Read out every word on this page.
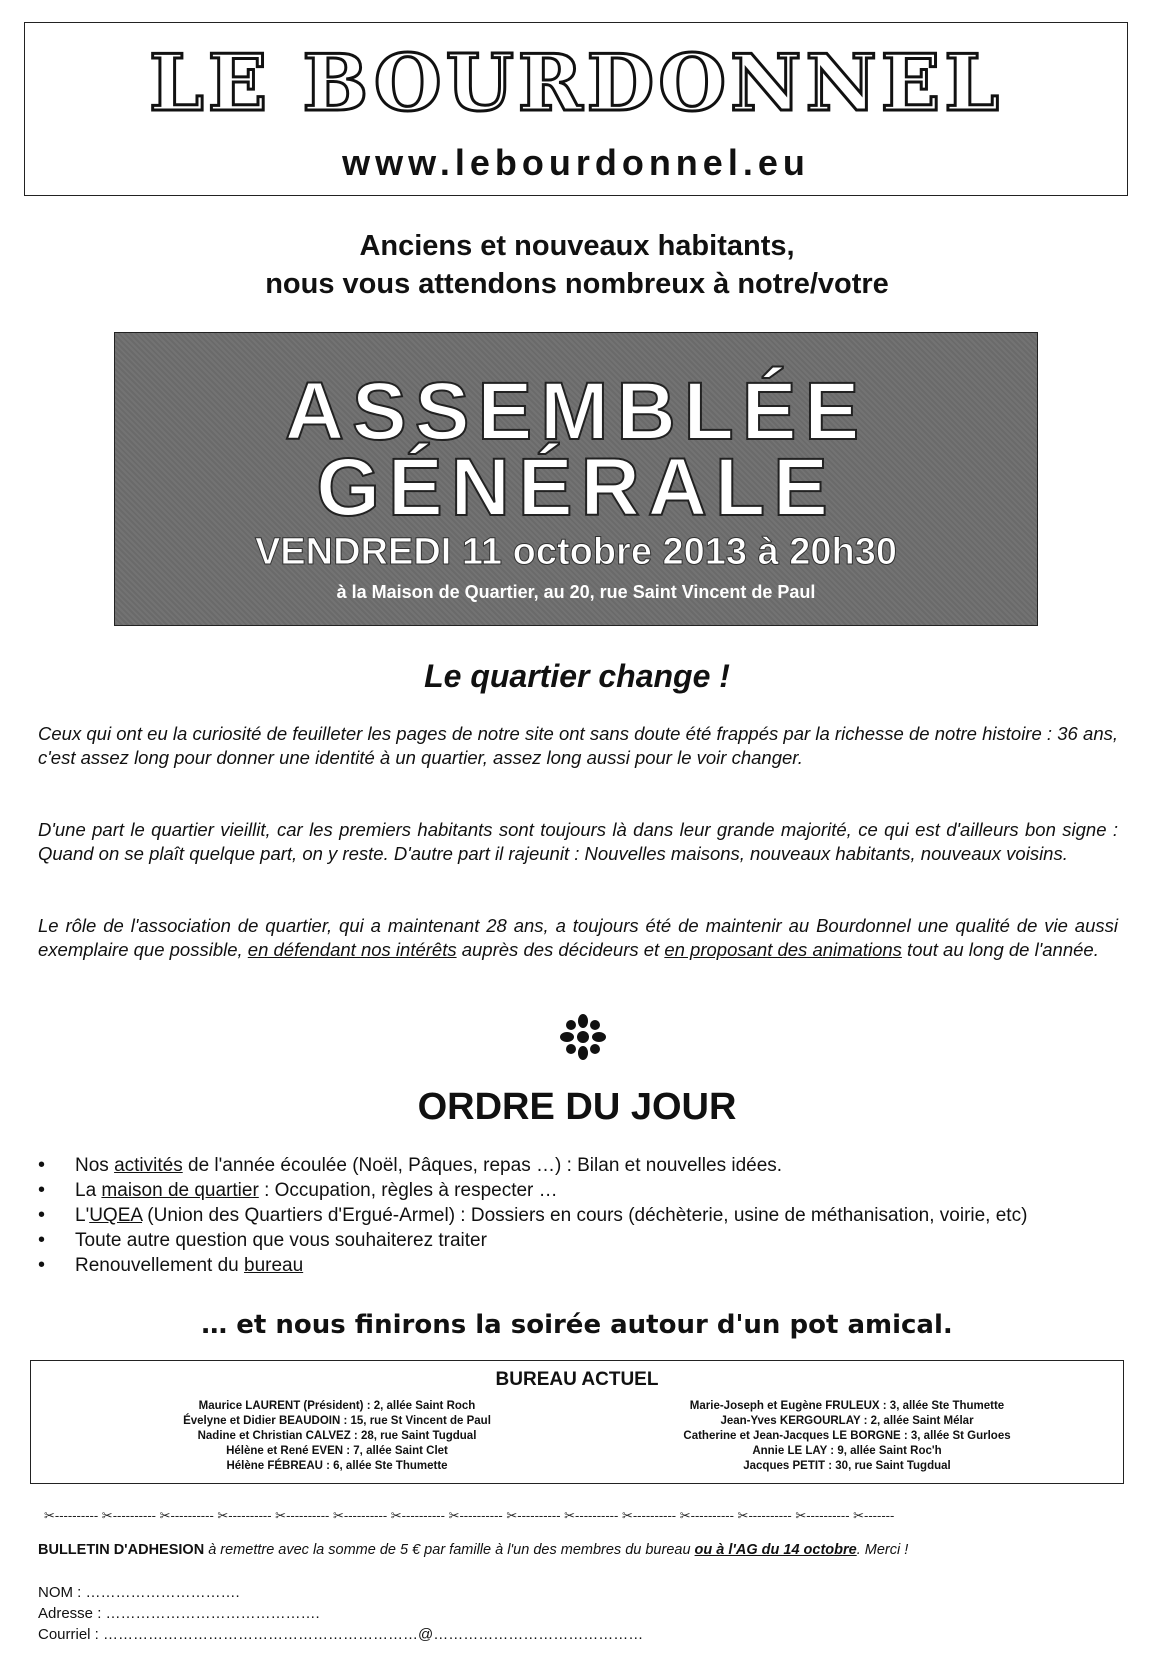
LE BOURDONNEL
www.lebourdonnel.eu
Anciens et nouveaux habitants,
nous vous attendons nombreux à notre/votre
ASSEMBLÉE
GÉNÉRALE
VENDREDI 11 octobre 2013 à 20h30
à la Maison de Quartier, au 20, rue Saint Vincent de Paul
Le quartier change !

Ceux qui ont eu la curiosité de feuilleter les pages de notre site ont sans doute été frappés par la richesse de notre histoire : 36 ans, c'est assez long pour donner une identité à un quartier, assez long aussi pour le voir changer.

D'une part le quartier vieillit, car les premiers habitants sont toujours là dans leur grande majorité, ce qui est d'ailleurs bon signe : Quand on se plaît quelque part, on y reste. D'autre part il rajeunit : Nouvelles maisons, nouveaux habitants, nouveaux voisins.

Le rôle de l'association de quartier, qui a maintenant 28 ans, a toujours été de maintenir au Bourdonnel une qualité de vie aussi exemplaire que possible, en défendant nos intérêts auprès des décideurs et en proposant des animations tout au long de l'année.

ORDRE DU JOUR
• Nos activités de l'année écoulée (Noël, Pâques, repas …) : Bilan et nouvelles idées.
• La maison de quartier : Occupation, règles à respecter …
• L'UQEA (Union des Quartiers d'Ergué-Armel) : Dossiers en cours (déchèterie, usine de méthanisation, voirie, etc)
• Toute autre question que vous souhaiterez traiter
• Renouvellement du bureau
… et nous finirons la soirée autour d'un pot amical.
BUREAU ACTUEL
Maurice LAURENT (Président) : 2, allée Saint Roch
Évelyne et Didier BEAUDOIN : 15, rue St Vincent de Paul
Nadine et Christian CALVEZ : 28, rue Saint Tugdual
Hélène et René EVEN : 7, allée Saint Clet
Hélène FÉBREAU : 6, allée Ste Thumette
Marie-Joseph et Eugène FRULEUX : 3, allée Ste Thumette
Jean-Yves KERGOURLAY : 2, allée Saint Mélar
Catherine et Jean-Jacques LE BORGNE : 3, allée St Gurloes
Annie LE LAY : 9, allée Saint Roc'h
Jacques PETIT : 30, rue Saint Tugdual
✂---------- ✂---------- ✂---------- ✂---------- ✂---------- ✂---------- ✂---------- ✂---------- ✂---------- ✂---------- ✂---------- ✂---------- ✂---------- ✂---------- ✂-------
BULLETIN D'ADHESION à remettre avec la somme de 5 € par famille à l'un des membres du bureau ou à l'AG du 14 octobre. Merci !
NOM : ………………………….
Adresse : …………………………………….
Courriel : ………………………………………………………@……………………………………
